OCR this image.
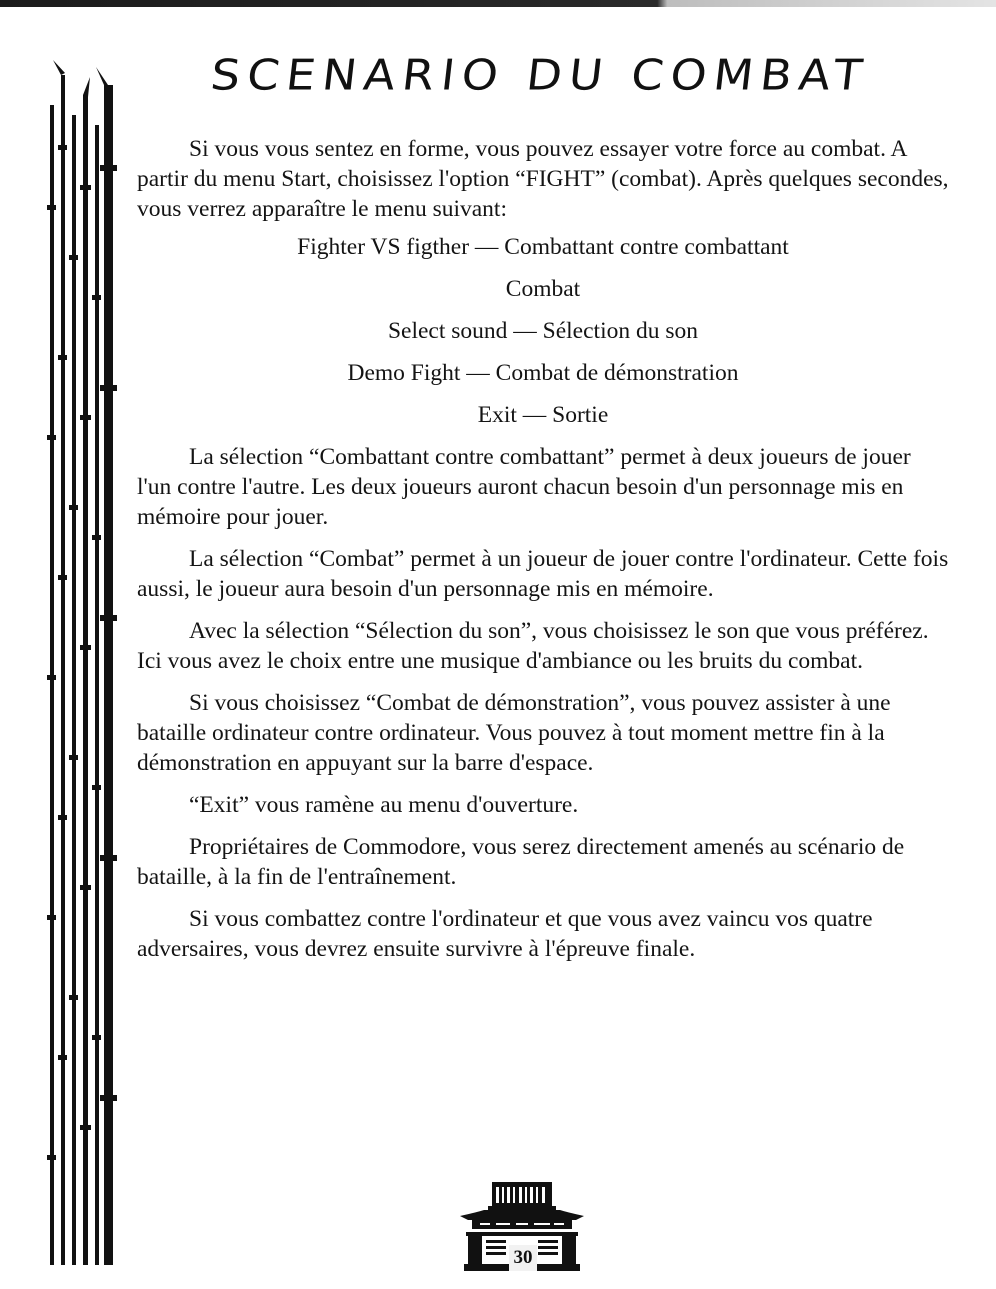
SCENARIO DU COMBAT

Si vous vous sentez en forme, vous pouvez essayer votre force au combat. A partir du menu Start, choisissez l'option “FIGHT” (combat). Après quelques secondes, vous verrez apparaître le menu suivant:

Fighter VS figther — Combattant contre combattant
Combat
Select sound — Sélection du son
Demo Fight — Combat de démonstration
Exit — Sortie

La sélection “Combattant contre combattant” permet à deux joueurs de jouer l'un contre l'autre. Les deux joueurs auront chacun besoin d'un personnage mis en mémoire pour jouer.

La sélection “Combat” permet à un joueur de jouer contre l'ordinateur. Cette fois aussi, le joueur aura besoin d'un personnage mis en mémoire.

Avec la sélection “Sélection du son”, vous choisissez le son que vous préférez. Ici vous avez le choix entre une musique d'ambiance ou les bruits du combat.

Si vous choisissez “Combat de démonstration”, vous pouvez assister à une bataille ordinateur contre ordinateur. Vous pouvez à tout moment mettre fin à la démonstration en appuyant sur la barre d'espace.

“Exit” vous ramène au menu d'ouverture.

Propriétaires de Commodore, vous serez directement amenés au scénario de bataille, à la fin de l'entraînement.

Si vous combattez contre l'ordinateur et que vous avez vaincu vos quatre adversaires, vous devrez ensuite survivre à l'épreuve finale.

30
